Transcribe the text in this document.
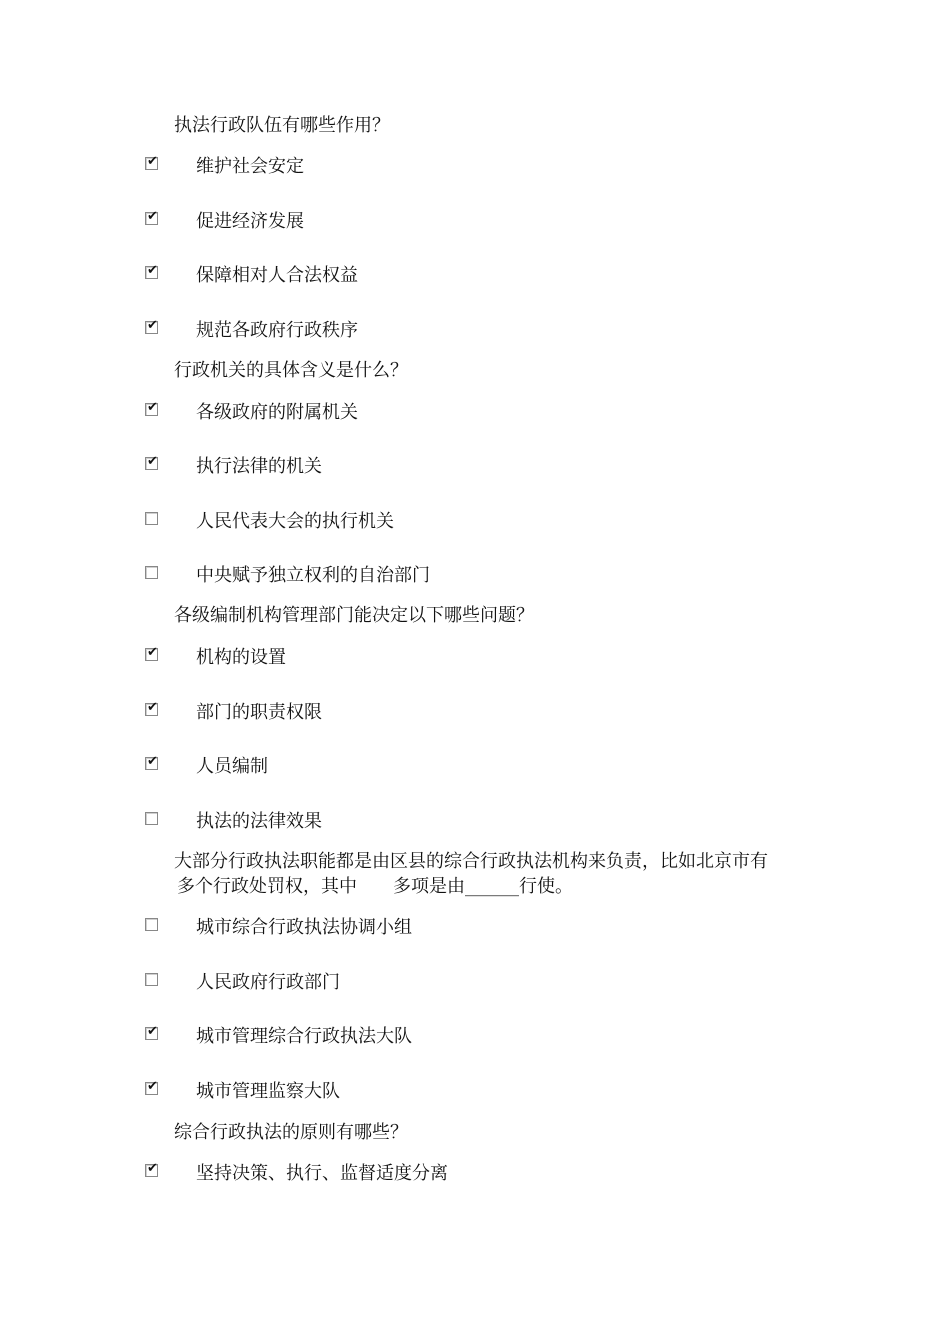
执法行政队伍有哪些作用？
✔ 维护社会安定
✔ 促进经济发展
✔ 保障相对人合法权益
✔ 规范各政府行政秩序
行政机关的具体含义是什么？
✔ 各级政府的附属机关
✔ 执行法律的机关
人民代表大会的执行机关
中央赋予独立权利的自治部门
各级编制机构管理部门能决定以下哪些问题？
✔ 机构的设置
✔ 部门的职责权限
✔ 人员编制
执法的法律效果
大部分行政执法职能都是由区县的综合行政执法机构来负责，比如北京市有
多个行政处罚权，其中　　多项是由______行使。
城市综合行政执法协调小组
人民政府行政部门
✔ 城市管理综合行政执法大队
✔ 城市管理监察大队
综合行政执法的原则有哪些？
✔ 坚持决策、执行、监督适度分离
